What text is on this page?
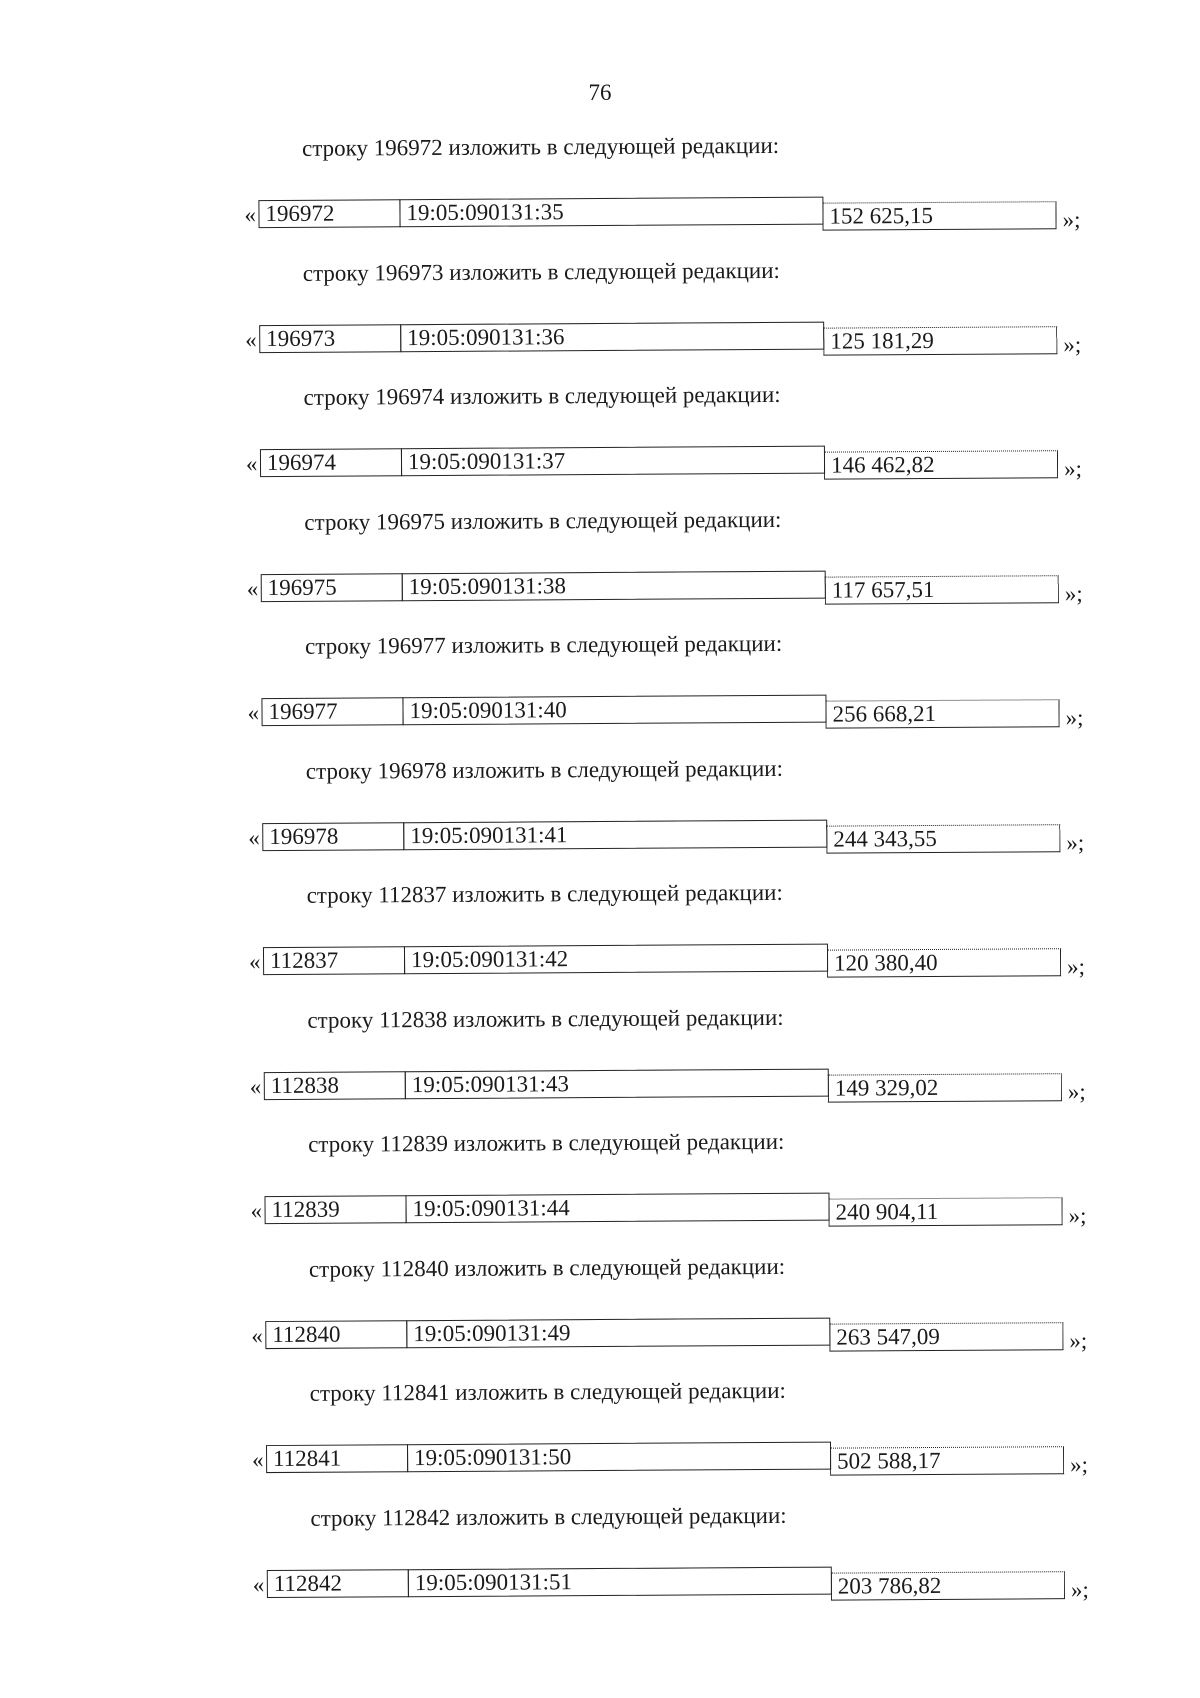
76
строку 196972 изложить в следующей редакции:
« 196972	19:05:090131:35	152 625,15	»;
строку 196973 изложить в следующей редакции:
« 196973	19:05:090131:36	125 181,29	»;
строку 196974 изложить в следующей редакции:
« 196974	19:05:090131:37	146 462,82	»;
строку 196975 изложить в следующей редакции:
« 196975	19:05:090131:38	117 657,51	»;
строку 196977 изложить в следующей редакции:
« 196977	19:05:090131:40	256 668,21	»;
строку 196978 изложить в следующей редакции:
« 196978	19:05:090131:41	244 343,55	»;
строку 112837 изложить в следующей редакции:
« 112837	19:05:090131:42	120 380,40	»;
строку 112838 изложить в следующей редакции:
« 112838	19:05:090131:43	149 329,02	»;
строку 112839 изложить в следующей редакции:
« 112839	19:05:090131:44	240 904,11	»;
строку 112840 изложить в следующей редакции:
« 112840	19:05:090131:49	263 547,09	»;
строку 112841 изложить в следующей редакции:
« 112841	19:05:090131:50	502 588,17	»;
строку 112842 изложить в следующей редакции:
« 112842	19:05:090131:51	203 786,82	»;
